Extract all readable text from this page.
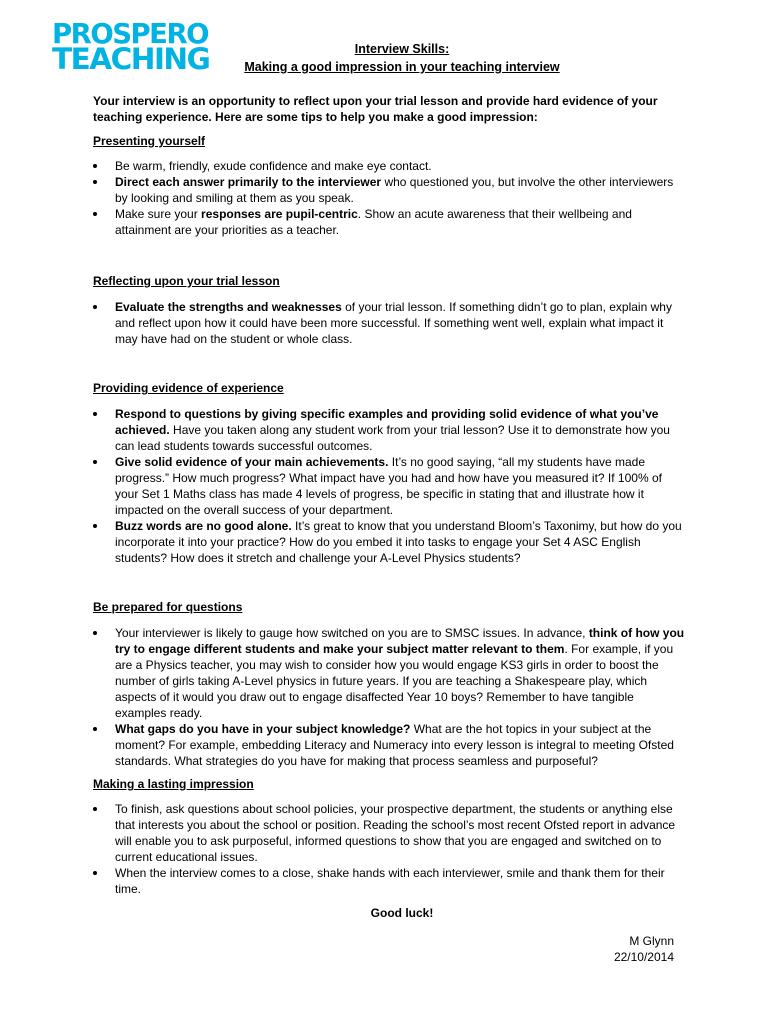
PROSPERO
TEACHING	Interview Skills:
Making a good impression in your teaching interview
Your interview is an opportunity to reflect upon your trial lesson and provide hard evidence of your teaching experience. Here are some tips to help you make a good impression:
Presenting yourself
Be warm, friendly, exude confidence and make eye contact.
Direct each answer primarily to the interviewer who questioned you, but involve the other interviewers by looking and smiling at them as you speak.
Make sure your responses are pupil-centric. Show an acute awareness that their wellbeing and attainment are your priorities as a teacher.
Reflecting upon your trial lesson
Evaluate the strengths and weaknesses of your trial lesson. If something didn’t go to plan, explain why and reflect upon how it could have been more successful. If something went well, explain what impact it may have had on the student or whole class.
Providing evidence of experience
Respond to questions by giving specific examples and providing solid evidence of what you’ve achieved. Have you taken along any student work from your trial lesson? Use it to demonstrate how you can lead students towards successful outcomes.
Give solid evidence of your main achievements. It’s no good saying, “all my students have made progress.” How much progress? What impact have you had and how have you measured it? If 100% of your Set 1 Maths class has made 4 levels of progress, be specific in stating that and illustrate how it impacted on the overall success of your department.
Buzz words are no good alone. It’s great to know that you understand Bloom’s Taxonimy, but how do you incorporate it into your practice? How do you embed it into tasks to engage your Set 4 ASC English students? How does it stretch and challenge your A-Level Physics students?
Be prepared for questions
Your interviewer is likely to gauge how switched on you are to SMSC issues. In advance, think of how you try to engage different students and make your subject matter relevant to them. For example, if you are a Physics teacher, you may wish to consider how you would engage KS3 girls in order to boost the number of girls taking A-Level physics in future years. If you are teaching a Shakespeare play, which aspects of it would you draw out to engage disaffected Year 10 boys? Remember to have tangible examples ready.
What gaps do you have in your subject knowledge? What are the hot topics in your subject at the moment? For example, embedding Literacy and Numeracy into every lesson is integral to meeting Ofsted standards. What strategies do you have for making that process seamless and purposeful?
Making a lasting impression
To finish, ask questions about school policies, your prospective department, the students or anything else that interests you about the school or position. Reading the school’s most recent Ofsted report in advance will enable you to ask purposeful, informed questions to show that you are engaged and switched on to current educational issues.
When the interview comes to a close, shake hands with each interviewer, smile and thank them for their time.
Good luck!
M Glynn
22/10/2014
